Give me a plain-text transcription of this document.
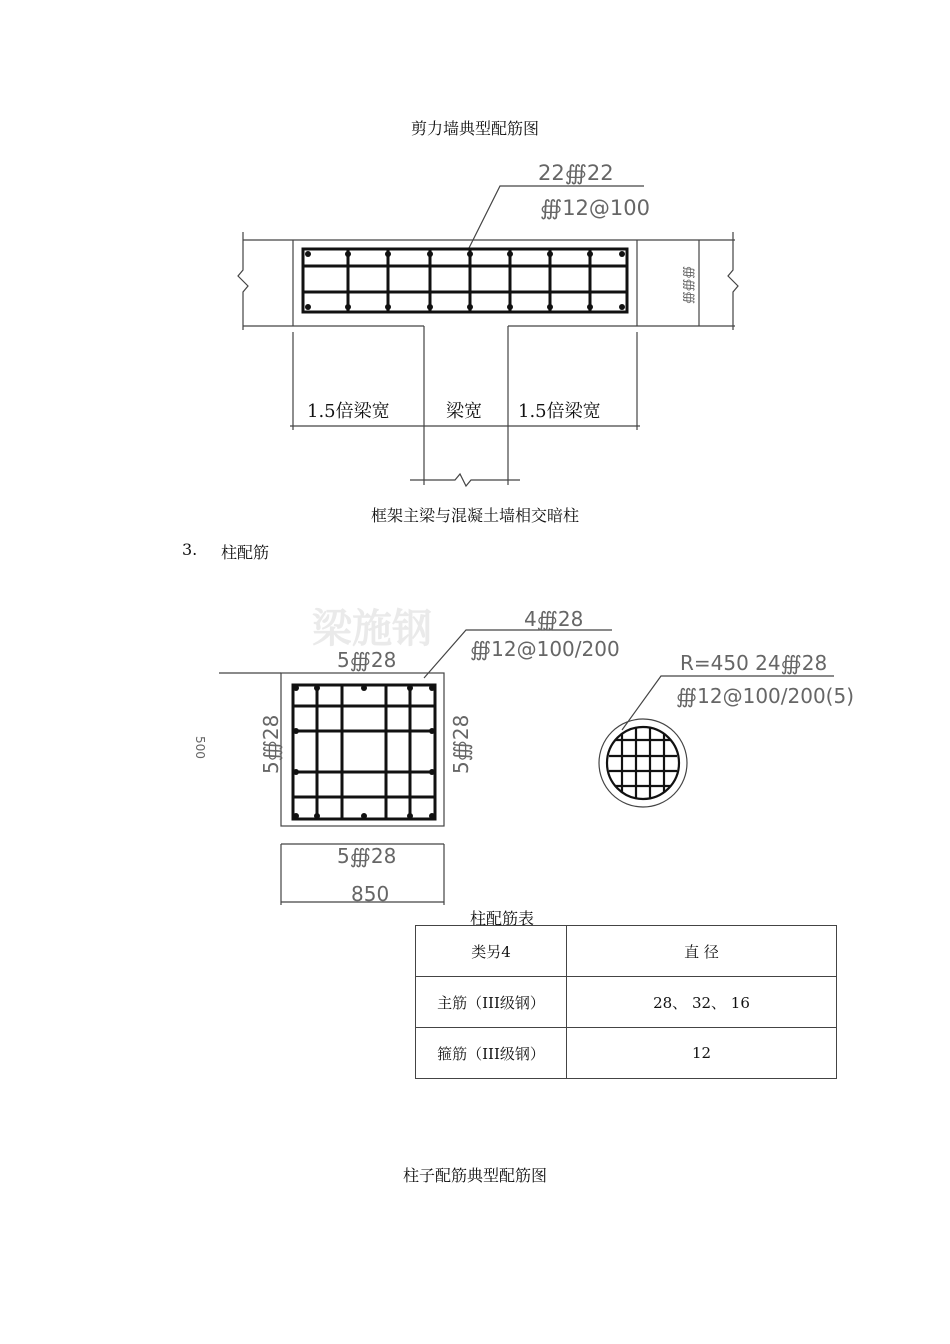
剪力墙典型配筋图
22∰22
∰12@100
∰∰∰
1.5倍梁宽	梁宽 1.5倍梁宽
框架主梁与混凝土墙相交暗柱
3. 柱配筋
梁施钢	4∰28
∰12@100/200
5∰28
5∰28	5∰28
5∰28
850
500
R=450 24∰28
∰12@100/200(5)
柱配筋表
类另4	直 径
主筋（III级钢）	28、 32、 16
箍筋（III级钢）	12
柱子配筋典型配筋图
